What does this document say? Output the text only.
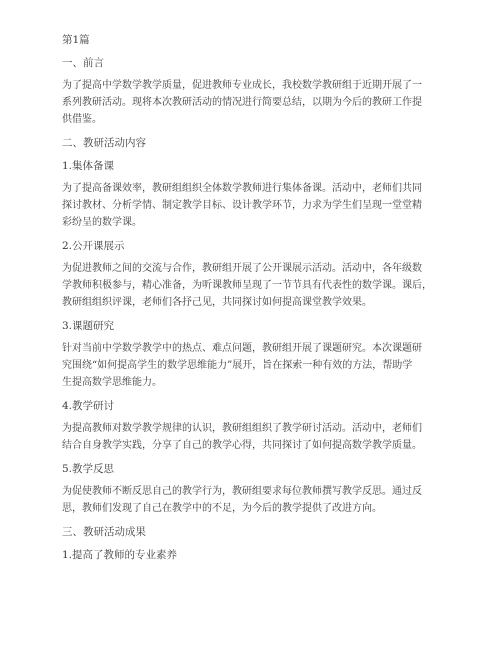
第1篇

一、前言

为了提高中学数学教学质量，促进教师专业成长，我校数学教研组于近期开展了一

系列教研活动。现将本次教研活动的情况进行简要总结，以期为今后的教研工作提

供借鉴。

二、教研活动内容

1.集体备课

为了提高备课效率，教研组组织全体数学教师进行集体备课。活动中，老师们共同

探讨教材、分析学情、制定教学目标、设计教学环节，力求为学生们呈现一堂堂精

彩纷呈的数学课。

2.公开课展示

为促进教师之间的交流与合作，教研组开展了公开课展示活动。活动中，各年级数

学教师积极参与，精心准备，为听课教师呈现了一节节具有代表性的数学课。课后，

教研组组织评课，老师们各抒己见，共同探讨如何提高课堂教学效果。

3.课题研究

针对当前中学数学教学中的热点、难点问题，教研组开展了课题研究。本次课题研

究围绕“如何提高学生的数学思维能力”展开，旨在探索一种有效的方法，帮助学

生提高数学思维能力。

4.教学研讨

为提高教师对数学教学规律的认识，教研组组织了教学研讨活动。活动中，老师们

结合自身教学实践，分享了自己的教学心得，共同探讨了如何提高数学教学质量。

5.教学反思

为促使教师不断反思自己的教学行为，教研组要求每位教师撰写教学反思。通过反

思，教师们发现了自己在教学中的不足，为今后的教学提供了改进方向。

三、教研活动成果

1.提高了教师的专业素养
